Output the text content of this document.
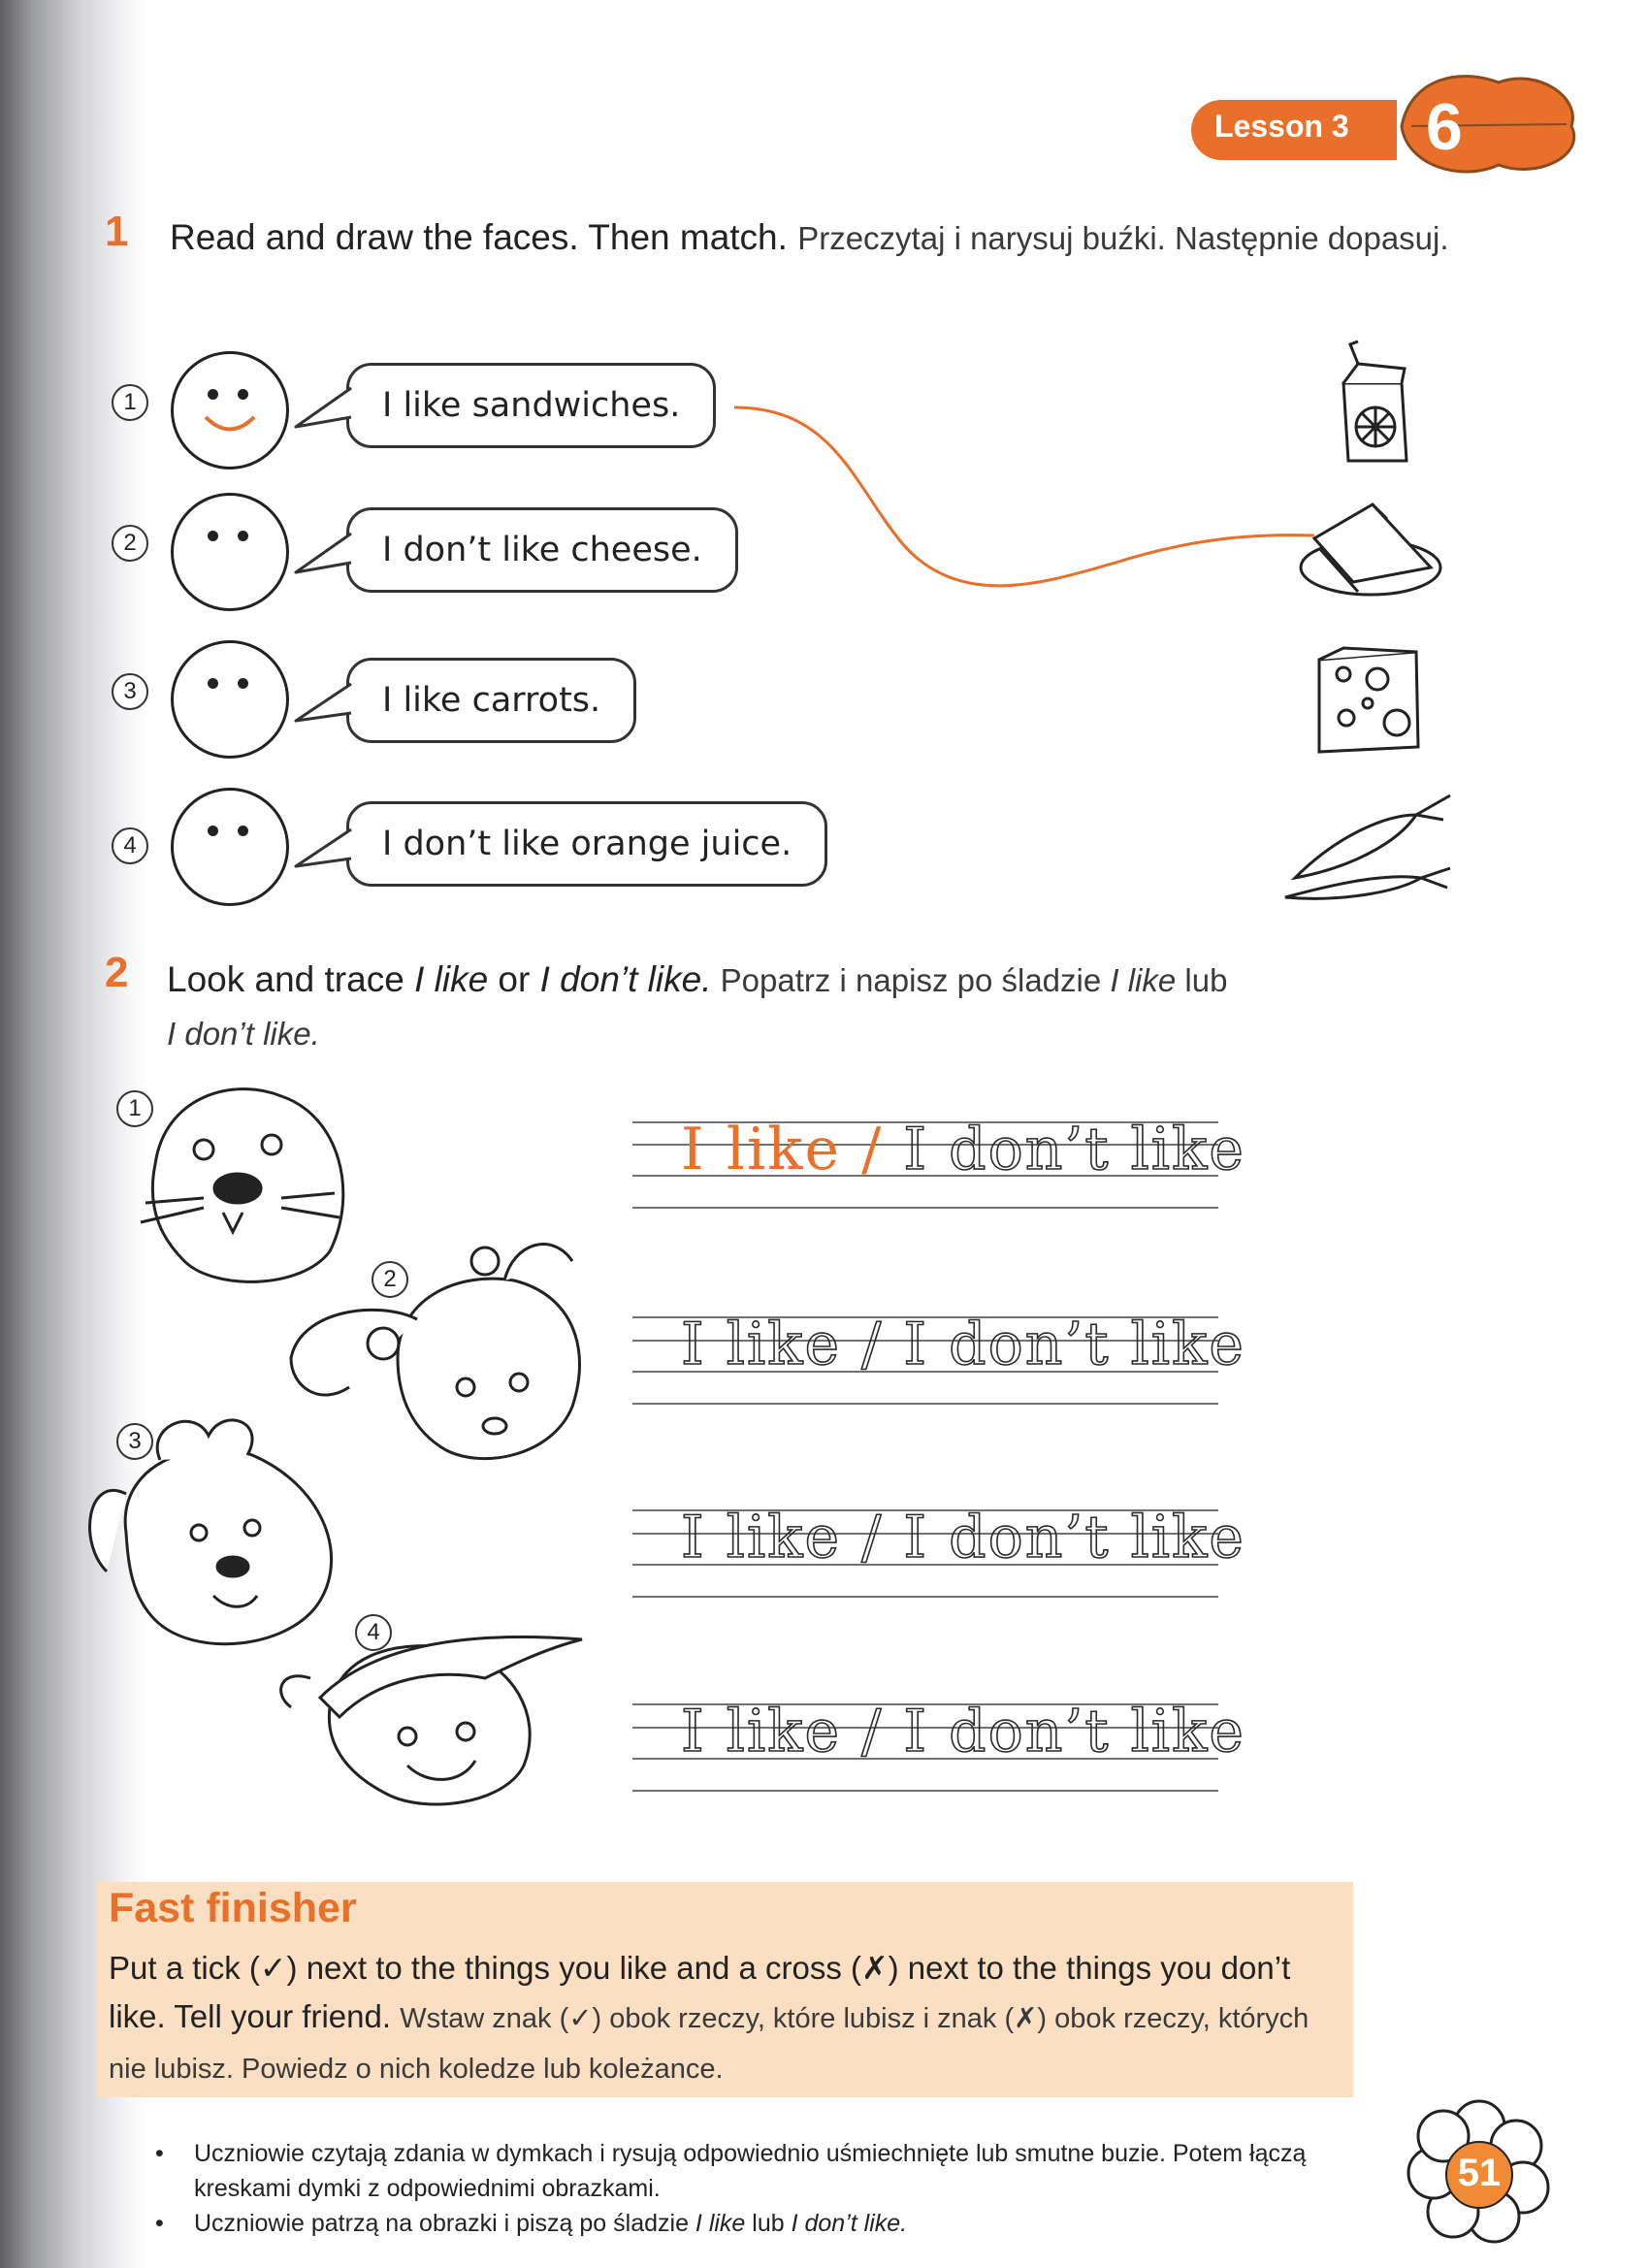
Lesson 3 6
1 Read and draw the faces. Then match. Przeczytaj i narysuj buźki. Następnie dopasuj.
1	I like sandwiches.
2	I don’t like cheese.
3	I like carrots.
4	I don’t like orange juice.
2 Look and trace I like or I don’t like. Popatrz i napisz po śladzie I like lub
I don’t like.
1
2
3
4
I like / I don’t like
I like / I don’t like
I like / I don’t like
I like / I don’t like
Fast finisher
Put a tick (✓) next to the things you like and a cross (✗) next to the things you don’t like. Tell your friend. Wstaw znak (✓) obok rzeczy, które lubisz i znak (✗) obok rzeczy, których nie lubisz. Powiedz o nich koledze lub koleżance.
• Uczniowie czytają zdania w dymkach i rysują odpowiednio uśmiechnięte lub smutne buzie. Potem łączą kreskami dymki z odpowiednimi obrazkami.
• Uczniowie patrzą na obrazki i piszą po śladzie I like lub I don’t like.
51
